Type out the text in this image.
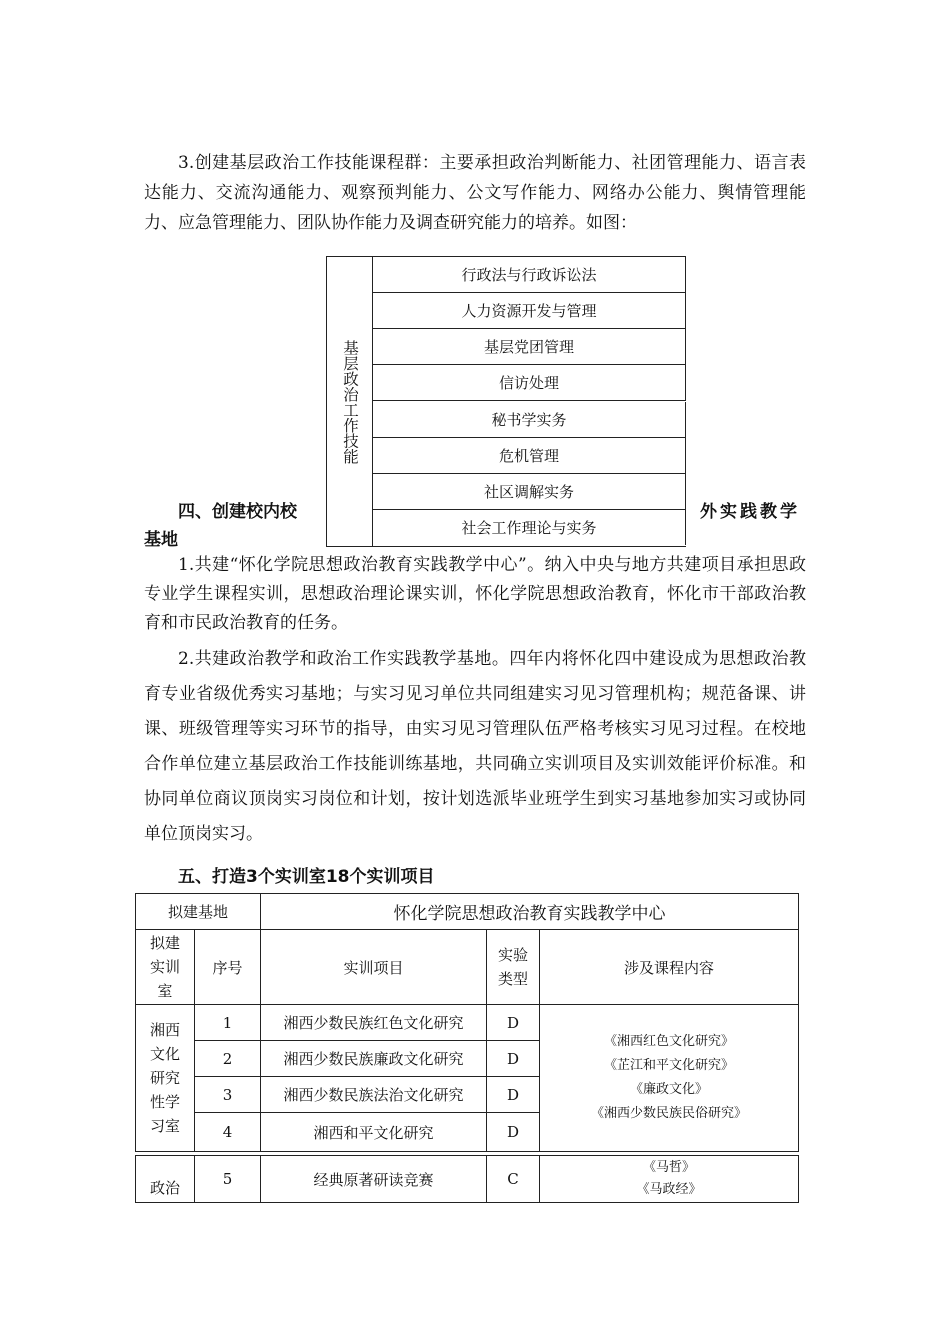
3.创建基层政治工作技能课程群：主要承担政治判断能力、社团管理能力、语言表达能力、交流沟通能力、观察预判能力、公文写作能力、网络办公能力、舆情管理能力、应急管理能力、团队协作能力及调查研究能力的培养。如图：

基层政治工作技能
行政法与行政诉讼法
人力资源开发与管理
基层党团管理
信访处理
秘书学实务
危机管理
社区调解实务
社会工作理论与实务

四、创建校内校	外实践教学

基地

1.共建“怀化学院思想政治教育实践教学中心”。纳入中央与地方共建项目承担思政专业学生课程实训，思想政治理论课实训，怀化学院思想政治教育，怀化市干部政治教育和市民政治教育的任务。

2.共建政治教学和政治工作实践教学基地。四年内将怀化四中建设成为思想政治教育专业省级优秀实习基地；与实习见习单位共同组建实习见习管理机构；规范备课、讲课、班级管理等实习环节的指导，由实习见习管理队伍严格考核实习见习过程。在校地合作单位建立基层政治工作技能训练基地，共同确立实训项目及实训效能评价标准。和协同单位商议顶岗实习岗位和计划，按计划选派毕业班学生到实习基地参加实习或协同单位顶岗实习。

五、打造3个实训室18个实训项目

拟建基地		怀化学院思想政治教育实践教学中心		
拟建实训室	序号	实训项目	实验类型	涉及课程内容
湘西文化研究性学习室	1	湘西少数民族红色文化研究	D	《湘西红色文化研究》
《芷江和平文化研究》
《廉政文化》
《湘西少数民族民俗研究》

	2	湘西少数民族廉政文化研究	D	
	3	湘西少数民族法治文化研究	D	
	4	湘西和平文化研究	D	

政治	5	经典原著研读竞赛	C	《马哲》
《马政经》
